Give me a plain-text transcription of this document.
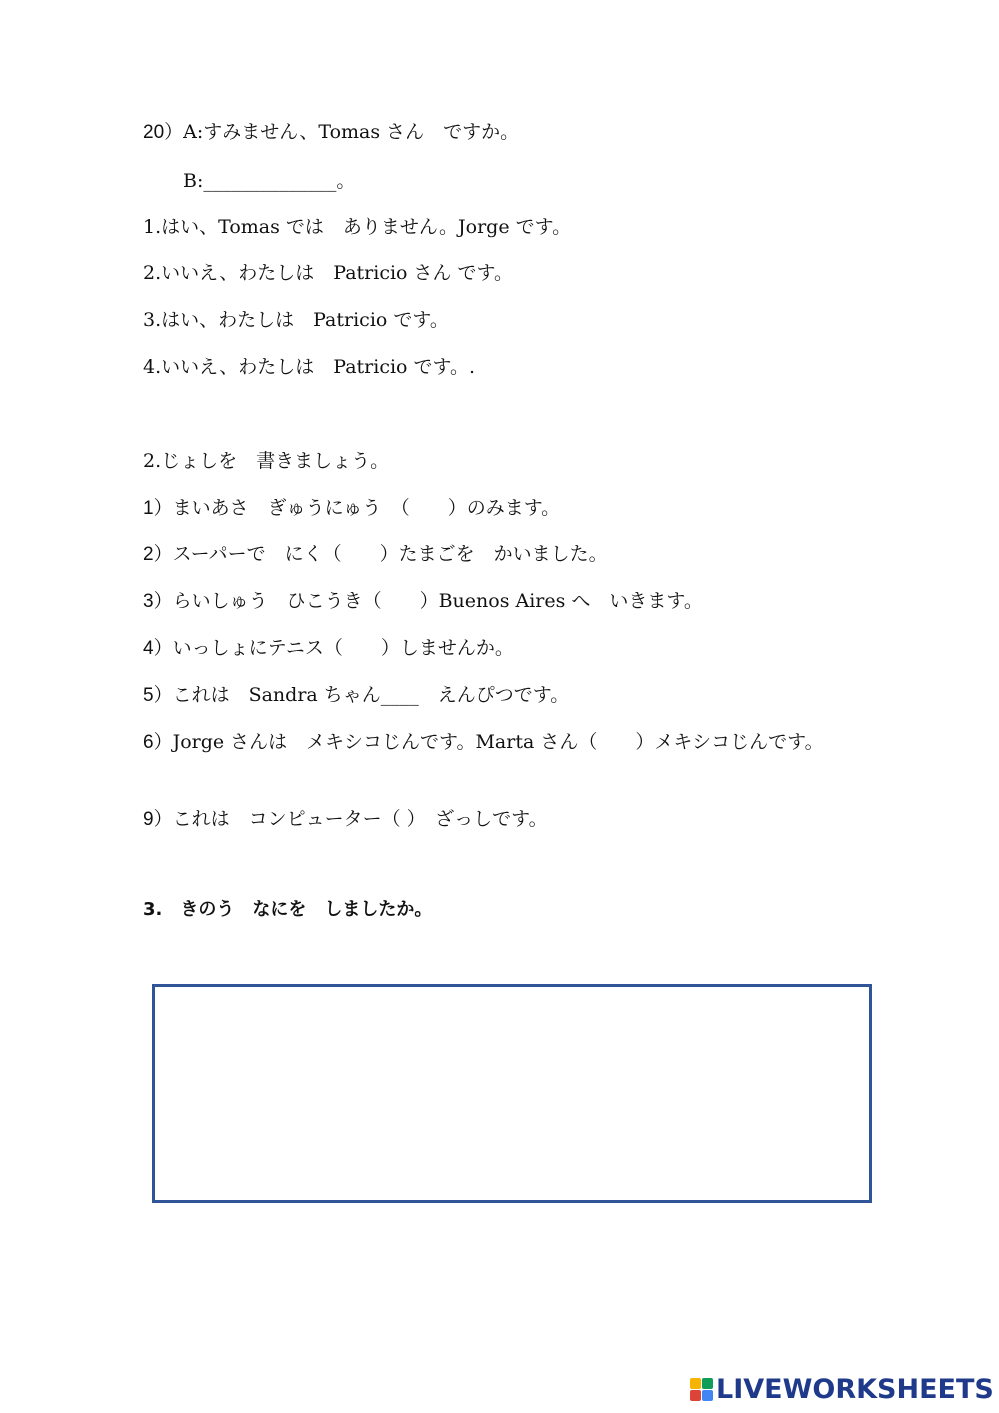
20）A:すみません、Tomas さん　ですか。

B:______________。

1.はい、Tomas では　ありません。Jorge です。

2.いいえ、わたしは　Patricio さん です。

3.はい、わたしは　Patricio です。

4.いいえ、わたしは　Patricio です。.

2.じょしを　書きましょう。

1）まいあさ　ぎゅうにゅう　（　　）のみます。

2）スーパーで　にく（　　）たまごを　かいました。

3）らいしゅう　ひこうき（　　）Buenos Aires へ　いきます。

4）いっしょにテニス（　　）しませんか。

5）これは　Sandra ちゃん____　えんぴつです。

6）Jorge さんは　メキシコじんです。Marta さん（　　）メキシコじんです。

9）これは　コンピューター（ ）　ざっしです。

3.　きのう　なにを　しましたか。

LIVEWORKSHEETS
